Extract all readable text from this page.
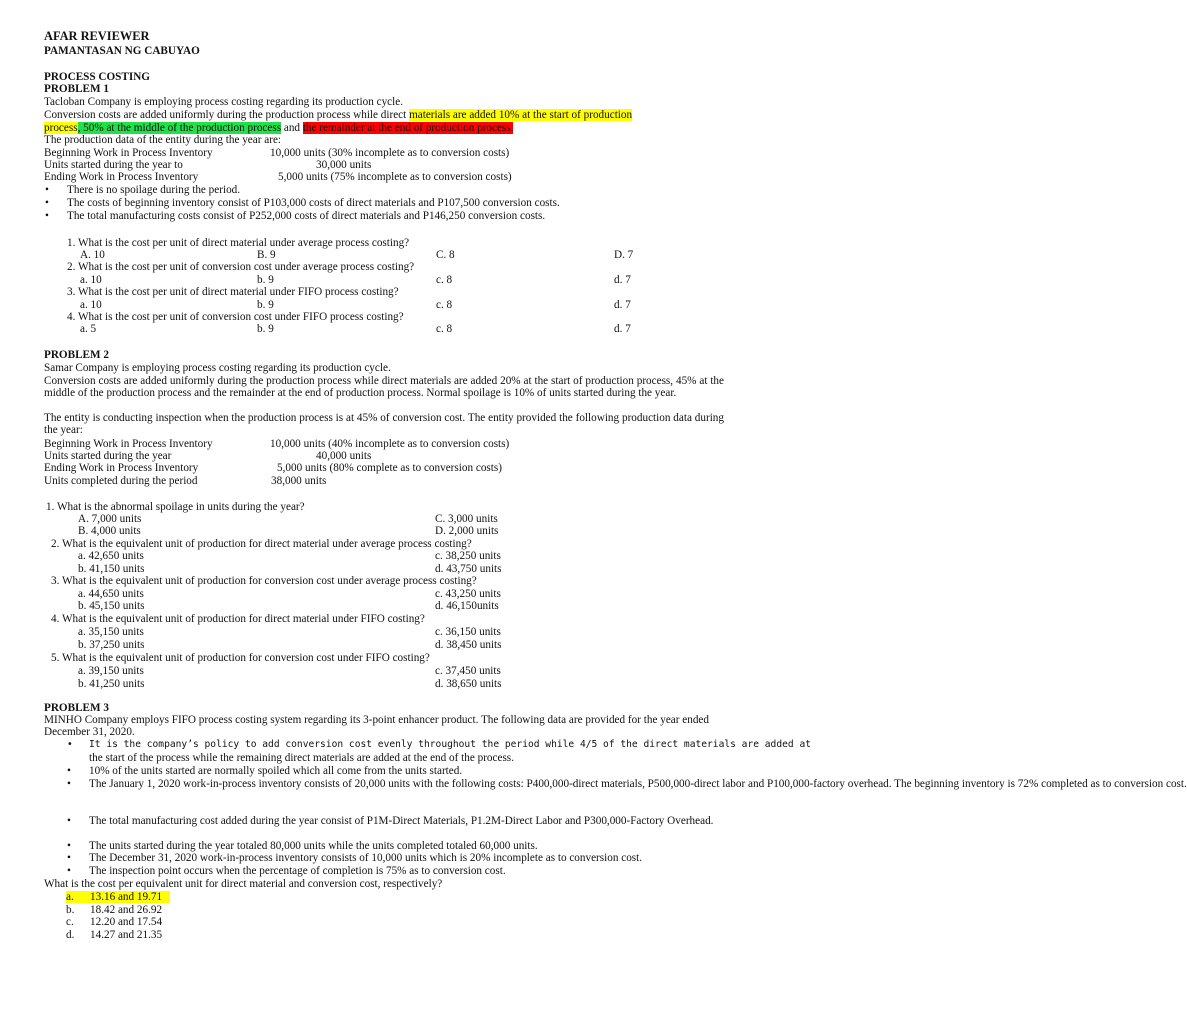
AFAR REVIEWER
PAMANTASAN NG CABUYAO
PROCESS COSTING
PROBLEM 1
Tacloban Company is employing process costing regarding its production cycle.
Conversion costs are added uniformly during the production process while direct materials are added 10% at the start of production
process, 50% at the middle of the production process and the remainder at the end of production process.
The production data of the entity during the year are:
Beginning Work in Process Inventory	10,000 units (30% incomplete as to conversion costs)
Units started during the year to	30,000 units
Ending Work in Process Inventory	5,000 units (75% incomplete as to conversion costs)
• There is no spoilage during the period.
• The costs of beginning inventory consist of P103,000 costs of direct materials and P107,500 conversion costs.
• The total manufacturing costs consist of P252,000 costs of direct materials and P146,250 conversion costs.
1. What is the cost per unit of direct material under average process costing?
A. 10	B. 9	C. 8	D. 7
2. What is the cost per unit of conversion cost under average process costing?
a. 10	b. 9	c. 8	d. 7
3. What is the cost per unit of direct material under FIFO process costing?
a. 10	b. 9	c. 8	d. 7
4. What is the cost per unit of conversion cost under FIFO process costing?
a. 5	b. 9	c. 8	d. 7
PROBLEM 2
Samar Company is employing process costing regarding its production cycle.
Conversion costs are added uniformly during the production process while direct materials are added 20% at the start of production process, 45% at the middle of the production process and the remainder at the end of production process. Normal spoilage is 10% of units started during the year.
The entity is conducting inspection when the production process is at 45% of conversion cost. The entity provided the following production data during the year:
Beginning Work in Process Inventory	10,000 units (40% incomplete as to conversion costs)
Units started during the year	40,000 units
Ending Work in Process Inventory	5,000 units (80% complete as to conversion costs)
Units completed during the period	38,000 units
1. What is the abnormal spoilage in units during the year?
A. 7,000 units
B. 4,000 units
C. 3,000 units
D. 2,000 units
2. What is the equivalent unit of production for direct material under average process costing?
a. 42,650 units
b. 41,150 units
c. 38,250 units
d. 43,750 units
3. What is the equivalent unit of production for conversion cost under average process costing?
a. 44,650 units
b. 45,150 units
c. 43,250 units
d. 46,150units
4. What is the equivalent unit of production for direct material under FIFO costing?
a. 35,150 units
b. 37,250 units
c. 36,150 units
d. 38,450 units
5. What is the equivalent unit of production for conversion cost under FIFO costing?
a. 39,150 units
b. 41,250 units
c. 37,450 units
d. 38,650 units
PROBLEM 3
MINHO Company employs FIFO process costing system regarding its 3-point enhancer product. The following data are provided for the year ended December 31, 2020.
• It is the company’s policy to add conversion cost evenly throughout the period while 4/5 of the direct materials are added at
the start of the process while the remaining direct materials are added at the end of the process.
• 10% of the units started are normally spoiled which all come from the units started.
• The January 1, 2020 work-in-process inventory consists of 20,000 units with the following costs: P400,000-direct materials, P500,000-direct labor and P100,000-factory overhead. The beginning inventory is 72% completed as to conversion cost.
• The total manufacturing cost added during the year consist of P1M-Direct Materials, P1.2M-Direct Labor and P300,000-Factory Overhead.
• The units started during the year totaled 80,000 units while the units completed totaled 60,000 units.
• The December 31, 2020 work-in-process inventory consists of 10,000 units which is 20% incomplete as to conversion cost.
• The inspection point occurs when the percentage of completion is 75% as to conversion cost.
What is the cost per equivalent unit for direct material and conversion cost, respectively?
a. 13.16 and 19.71
b. 18.42 and 26.92
c. 12.20 and 17.54
d. 14.27 and 21.35
